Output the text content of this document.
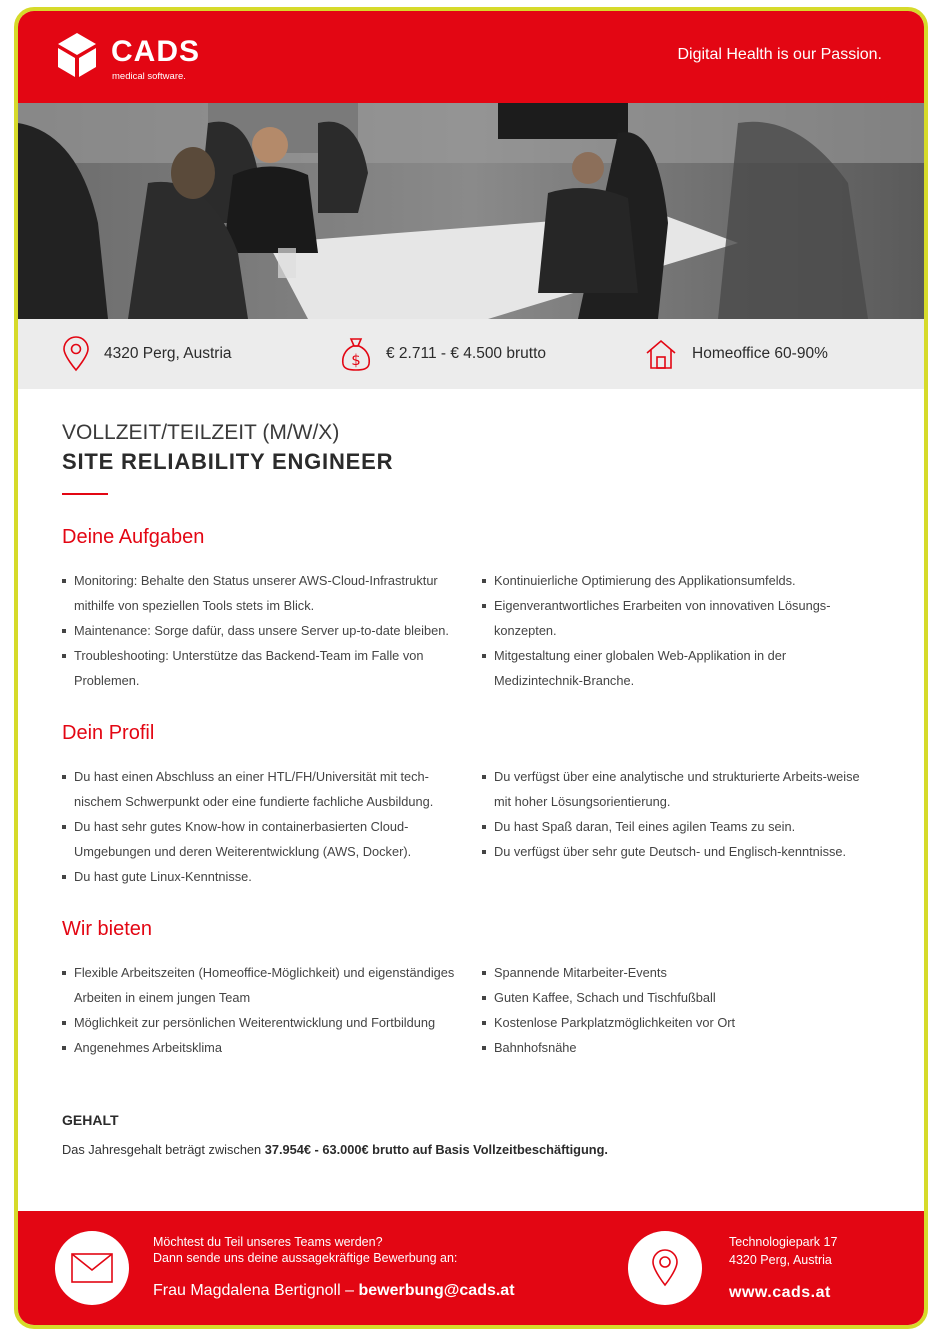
CADS
medical software.
Digital Health is our Passion.
4320 Perg, Austria	$ € 2.711 - € 4.500 brutto	Homeoffice 60-90%
VOLLZEIT/TEILZEIT (M/W/X)
SITE RELIABILITY ENGINEER
Deine Aufgaben
Monitoring: Behalte den Status unserer AWS-Cloud-Infrastruktur mithilfe von speziellen Tools stets im Blick.
Maintenance: Sorge dafür, dass unsere Server up-to-date bleiben.
Troubleshooting: Unterstütze das Backend-Team im Falle von Problemen.
Kontinuierliche Optimierung des Applikationsumfelds.
Eigenverantwortliches Erarbeiten von innovativen Lösungs-konzepten.
Mitgestaltung einer globalen Web-Applikation in der Medizintechnik-Branche.
Dein Profil
Du hast einen Abschluss an einer HTL/FH/Universität mit tech-nischem Schwerpunkt oder eine fundierte fachliche Ausbildung.
Du hast sehr gutes Know-how in containerbasierten Cloud-Umgebungen und deren Weiterentwicklung (AWS, Docker).
Du hast gute Linux-Kenntnisse.
Du verfügst über eine analytische und strukturierte Arbeits-weise mit hoher Lösungsorientierung.
Du hast Spaß daran, Teil eines agilen Teams zu sein.
Du verfügst über sehr gute Deutsch- und Englisch-kenntnisse.
Wir bieten
Flexible Arbeitszeiten (Homeoffice-Möglichkeit) und eigenständiges Arbeiten in einem jungen Team
Möglichkeit zur persönlichen Weiterentwicklung und Fortbildung
Angenehmes Arbeitsklima
Spannende Mitarbeiter-Events
Guten Kaffee, Schach und Tischfußball
Kostenlose Parkplatzmöglichkeiten vor Ort
Bahnhofsnähe
GEHALT
Das Jahresgehalt beträgt zwischen 37.954€ - 63.000€ brutto auf Basis Vollzeitbeschäftigung.
Möchtest du Teil unseres Teams werden?
Dann sende uns deine aussagekräftige Bewerbung an:
Frau Magdalena Bertignoll – bewerbung@cads.at
Technologiepark 17
4320 Perg, Austria
www.cads.at
